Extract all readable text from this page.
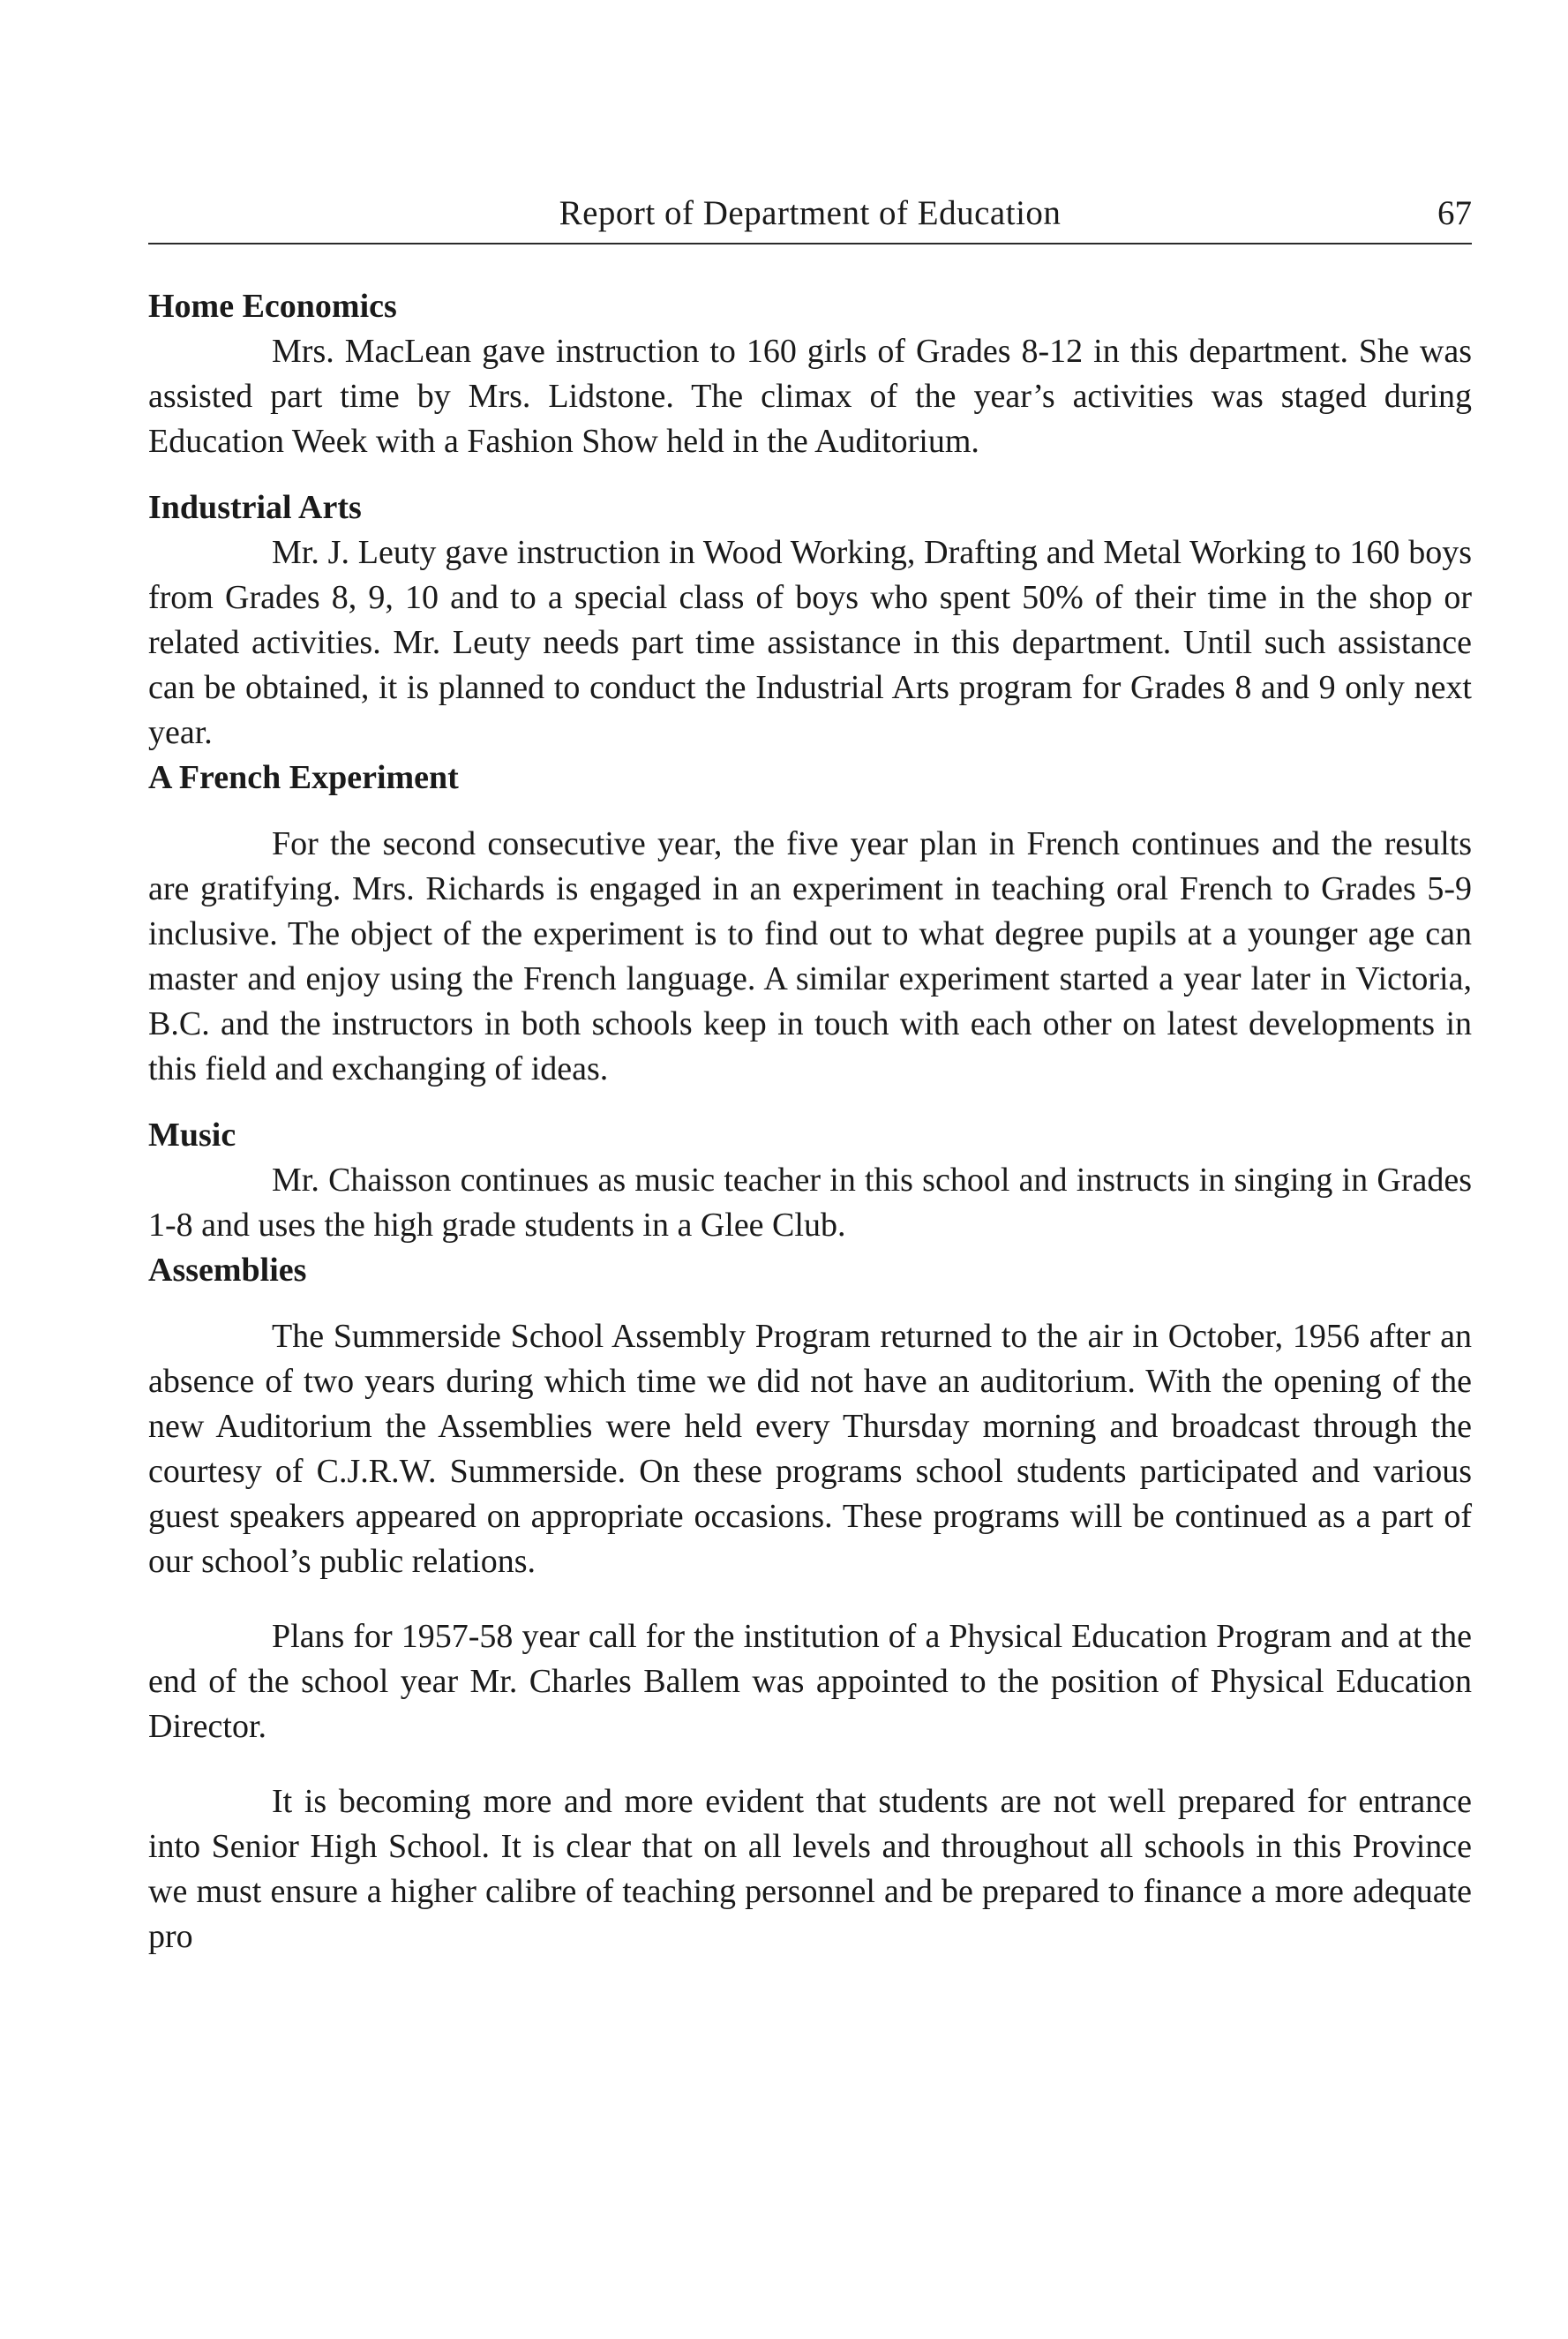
Report of Department of Education	67

Home Economics

Mrs. MacLean gave instruction to 160 girls of Grades 8-12 in this department. She was assisted part time by Mrs. Lidstone. The climax of the year’s activities was staged during Education Week with a Fashion Show held in the Auditorium.

Industrial Arts

Mr. J. Leuty gave instruction in Wood Working, Drafting and Metal Working to 160 boys from Grades 8, 9, 10 and to a special class of boys who spent 50% of their time in the shop or related activities. Mr. Leuty needs part time assistance in this department. Until such assistance can be obtained, it is planned to conduct the Industrial Arts program for Grades 8 and 9 only next year.

A French Experiment

For the second consecutive year, the five year plan in French continues and the results are gratifying. Mrs. Richards is engaged in an experiment in teaching oral French to Grades 5-9 inclusive. The object of the experiment is to find out to what degree pupils at a younger age can master and enjoy using the French language. A similar experiment started a year later in Victoria, B.C. and the instructors in both schools keep in touch with each other on latest developments in this field and exchanging of ideas.

Music

Mr. Chaisson continues as music teacher in this school and instructs in singing in Grades 1-8 and uses the high grade students in a Glee Club.

Assemblies

The Summerside School Assembly Program returned to the air in October, 1956 after an absence of two years during which time we did not have an auditorium. With the opening of the new Auditorium the Assemblies were held every Thursday morning and broadcast through the courtesy of C.J.R.W. Summerside. On these programs school students participated and various guest speakers appeared on appropriate occasions. These programs will be continued as a part of our school’s public relations.

Plans for 1957-58 year call for the institution of a Physical Education Program and at the end of the school year Mr. Charles Ballem was appointed to the position of Physical Education Director.

It is becoming more and more evident that students are not well prepared for entrance into Senior High School. It is clear that on all levels and throughout all schools in this Province we must ensure a higher calibre of teaching personnel and be prepared to finance a more adequate pro
